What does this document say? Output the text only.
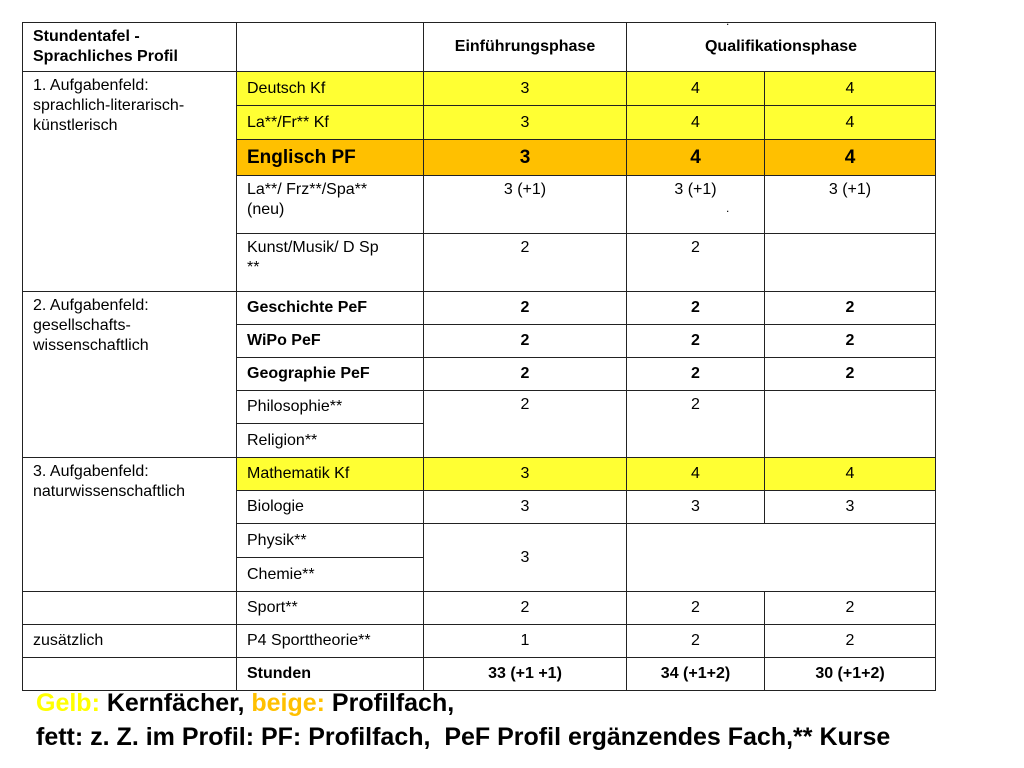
Stundentafel - Sprachliches Profil		Einführungsphase	Qualifikationsphase	
1. Aufgabenfeld: sprachlich-literarisch-künstlerisch	Deutsch Kf	3	4	4
	La**/Fr** Kf	3	4	4
	Englisch PF	3	4	4
	La**/ Frz**/Spa**(neu)	3 (+1)	3 (+1)	3 (+1)
	Kunst/Musik/ D Sp **	2	2	
2. Aufgabenfeld: gesellschafts-wissenschaftlich	Geschichte PeF	2	2	2
	WiPo PeF	2	2	2
	Geographie PeF	2	2	2
	Philosophie**	2	2	
	Religion**			
3. Aufgabenfeld: naturwissenschaftlich	Mathematik Kf	3	4	4
	Biologie	3	3	3
	Physik**	3		
	Chemie**			
	Sport**	2	2	2
zusätzlich	P4 Sporttheorie**	1	2	2
	Stunden	33 (+1 +1)	34 (+1+2)	30 (+1+2)
.
.
Gelb: Kernfächer, beige: Profilfach,
fett: z. Z. im Profil: PF: Profilfach,  PeF Profil ergänzendes Fach,** Kurse
